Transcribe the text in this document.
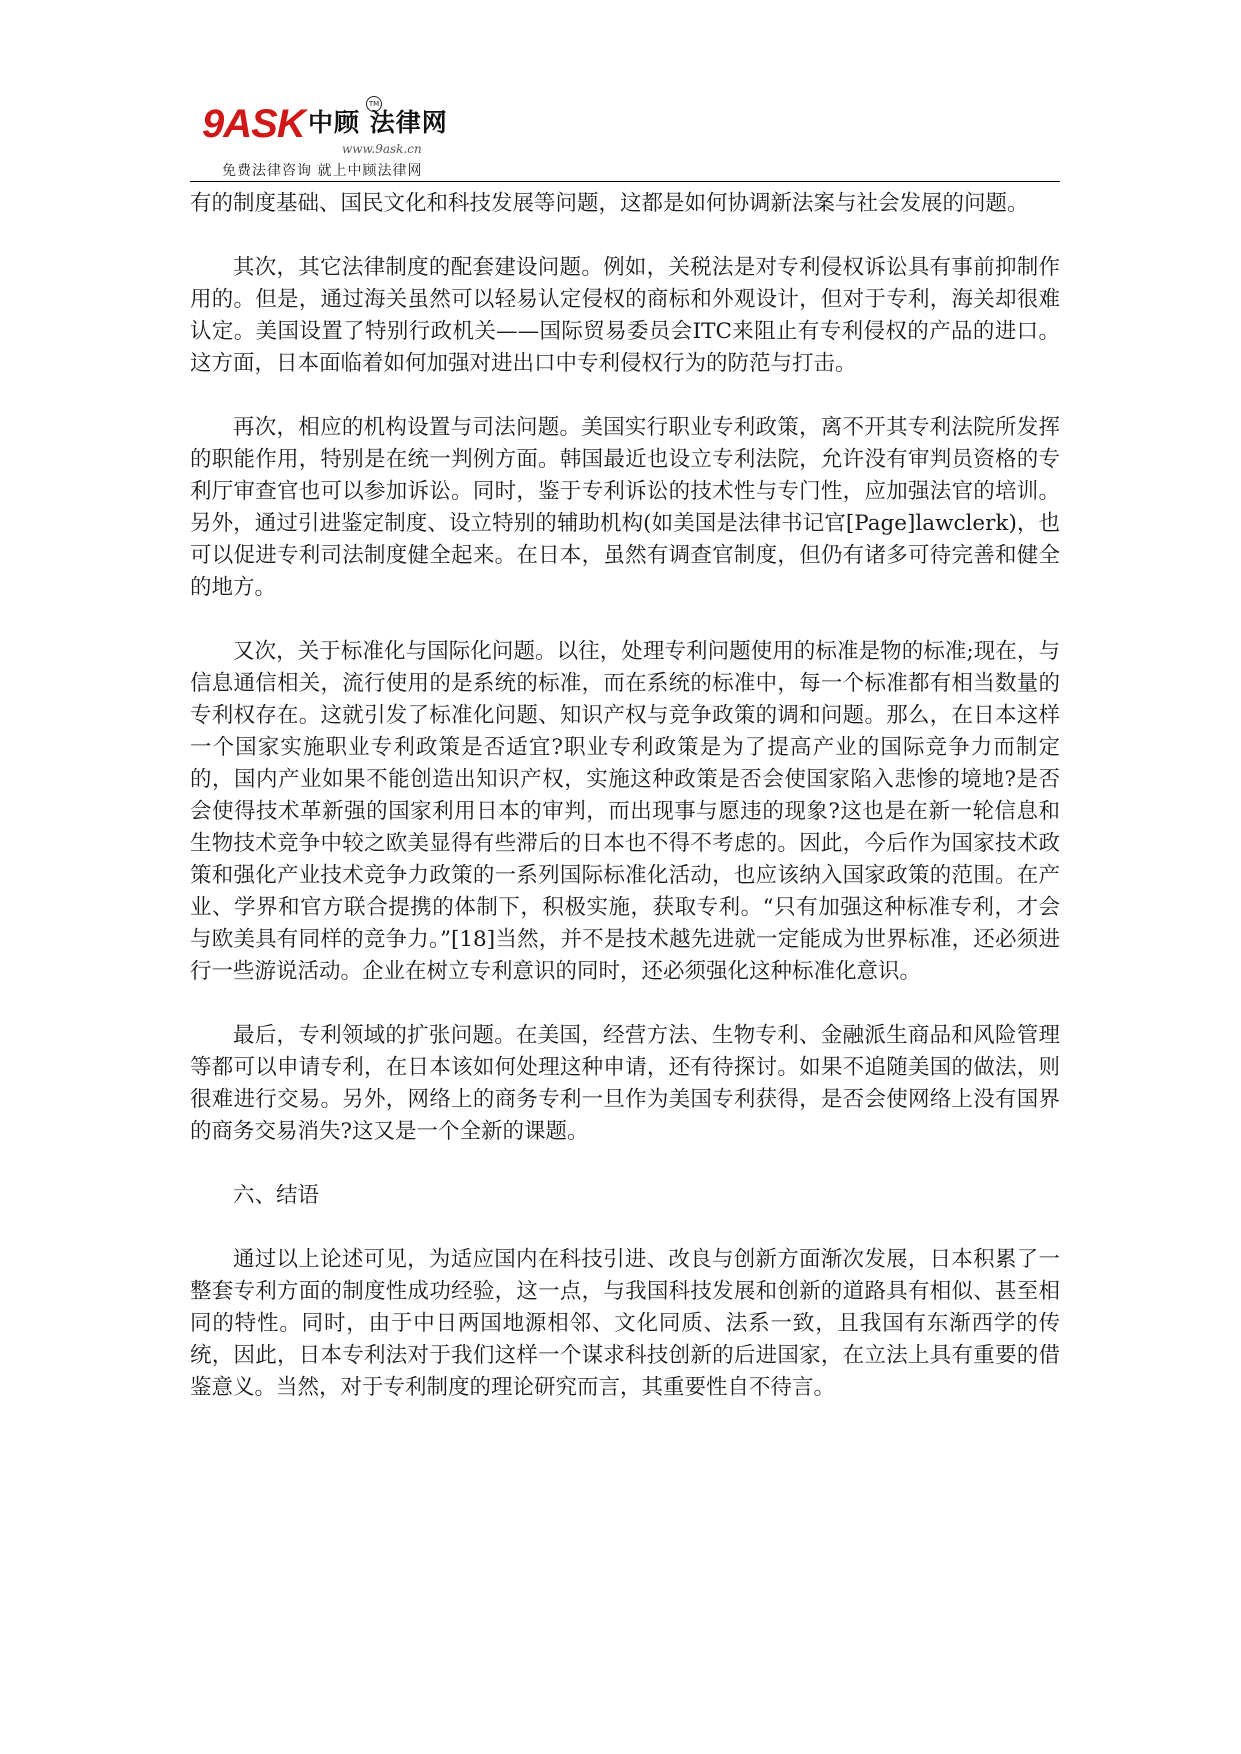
9ASK 中顾 法律网
TM
www.9ask.cn
免费法律咨询 就上中顾法律网

有的制度基础、国民文化和科技发展等问题，这都是如何协调新法案与社会发展的问题。

其次，其它法律制度的配套建设问题。例如，关税法是对专利侵权诉讼具有事前抑制作用的。但是，通过海关虽然可以轻易认定侵权的商标和外观设计，但对于专利，海关却很难认定。美国设置了特别行政机关——国际贸易委员会ITC来阻止有专利侵权的产品的进口。这方面，日本面临着如何加强对进出口中专利侵权行为的防范与打击。

再次，相应的机构设置与司法问题。美国实行职业专利政策，离不开其专利法院所发挥的职能作用，特别是在统一判例方面。韩国最近也设立专利法院，允许没有审判员资格的专利厅审查官也可以参加诉讼。同时，鉴于专利诉讼的技术性与专门性，应加强法官的培训。另外，通过引进鉴定制度、设立特别的辅助机构(如美国是法律书记官[Page]lawclerk)，也可以促进专利司法制度健全起来。在日本，虽然有调查官制度，但仍有诸多可待完善和健全的地方。

又次，关于标准化与国际化问题。以往，处理专利问题使用的标准是物的标准;现在，与信息通信相关，流行使用的是系统的标准，而在系统的标准中，每一个标准都有相当数量的专利权存在。这就引发了标准化问题、知识产权与竞争政策的调和问题。那么，在日本这样一个国家实施职业专利政策是否适宜?职业专利政策是为了提高产业的国际竞争力而制定的，国内产业如果不能创造出知识产权，实施这种政策是否会使国家陷入悲惨的境地?是否会使得技术革新强的国家利用日本的审判，而出现事与愿违的现象?这也是在新一轮信息和生物技术竞争中较之欧美显得有些滞后的日本也不得不考虑的。因此，今后作为国家技术政策和强化产业技术竞争力政策的一系列国际标准化活动，也应该纳入国家政策的范围。在产业、学界和官方联合提携的体制下，积极实施，获取专利。“只有加强这种标准专利，才会与欧美具有同样的竞争力。”[18]当然，并不是技术越先进就一定能成为世界标准，还必须进行一些游说活动。企业在树立专利意识的同时，还必须强化这种标准化意识。

最后，专利领域的扩张问题。在美国，经营方法、生物专利、金融派生商品和风险管理等都可以申请专利，在日本该如何处理这种申请，还有待探讨。如果不追随美国的做法，则很难进行交易。另外，网络上的商务专利一旦作为美国专利获得，是否会使网络上没有国界的商务交易消失?这又是一个全新的课题。

六、结语

通过以上论述可见，为适应国内在科技引进、改良与创新方面渐次发展，日本积累了一整套专利方面的制度性成功经验，这一点，与我国科技发展和创新的道路具有相似、甚至相同的特性。同时，由于中日两国地源相邻、文化同质、法系一致，且我国有东渐西学的传统，因此，日本专利法对于我们这样一个谋求科技创新的后进国家，在立法上具有重要的借鉴意义。当然，对于专利制度的理论研究而言，其重要性自不待言。
